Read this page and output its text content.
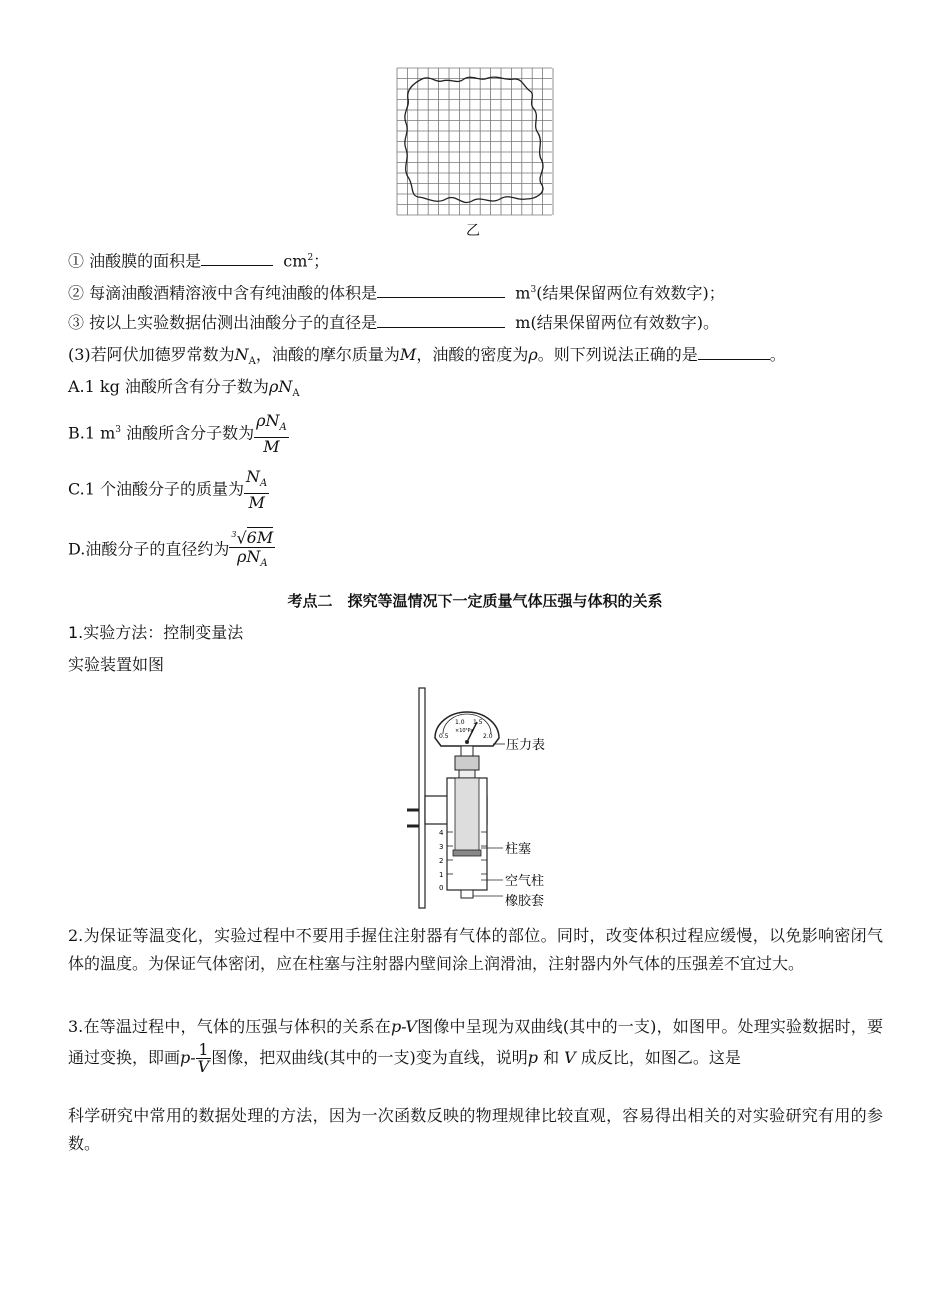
乙
① 油酸膜的面积是	$cm^2$；
② 每滴油酸酒精溶液中含有纯油酸的体积是	$m^3$(结果保留两位有效数字)；
③ 按以上实验数据估测出油酸分子的直径是	m(结果保留两位有效数字)。
(3)若阿伏加德罗常数为$N_A$，油酸的摩尔质量为M，油酸的密度为ρ。则下列说法正确的是	。
A.1 kg 油酸所含有分子数为$\rho N_A$
B.1 $m^3$ 油酸所含分子数为 $\frac{\rho N_A}{M}$
C.1 个油酸分子的质量为 $\frac{N_A}{M}$
D.油酸分子的直径约为 $\frac{^3√6M}{\rho N_A}$
考点二　探究等温情况下一定质量气体压强与体积的关系
1.实验方法：控制变量法
实验装置如图
1.0 1.5
0.5	2.0
×10⁵Pa
4
3
2
1
0
压力表
柱塞
空气柱
橡胶套
2.为保证等温变化，实验过程中不要用手握住注射器有气体的部位。同时，改变体积过程应缓慢，以免影响密闭气体的温度。为保证气体密闭，应在柱塞与注射器内壁间涂上润滑油，注射器内外气体的压强差不宜过大。
3.在等温过程中，气体的压强与体积的关系在p-V图像中呈现为双曲线(其中的一支)，如图甲。处理实验数据时，要通过变换，即画$p- \frac{1}{V}$ 图像，把双曲线(其中的一支)变为直线，说明p 和 V 成反比，如图乙。这是
科学研究中常用的数据处理的方法，因为一次函数反映的物理规律比较直观，容易得出相关的对实验研究有用的参数。
